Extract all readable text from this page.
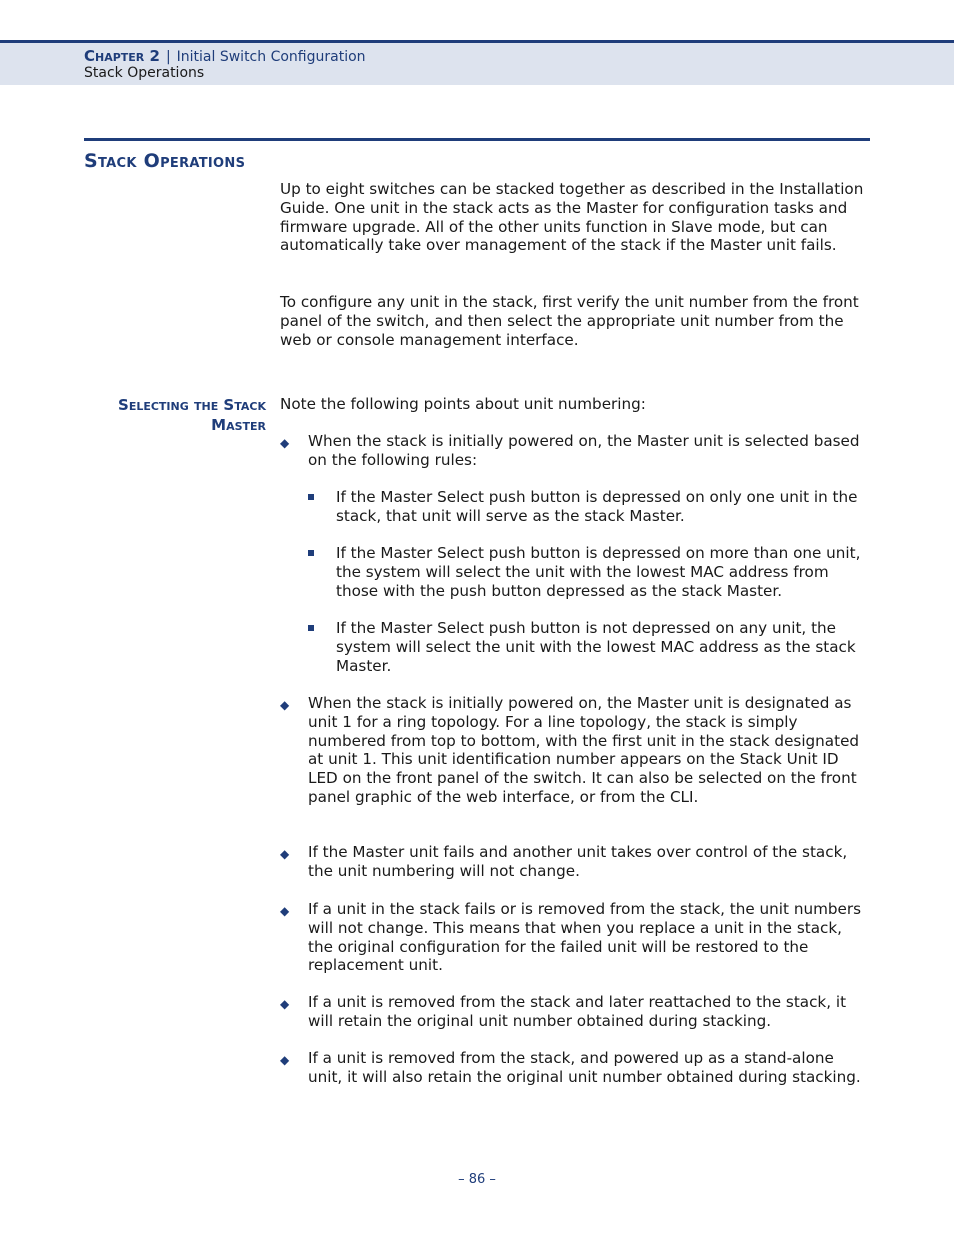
Chapter 2 | Initial Switch Configuration
Stack Operations
Stack Operations

Up to eight switches can be stacked together as described in the Installation Guide. One unit in the stack acts as the Master for configuration tasks and firmware upgrade. All of the other units function in Slave mode, but can automatically take over management of the stack if the Master unit fails.

To configure any unit in the stack, first verify the unit number from the front panel of the switch, and then select the appropriate unit number from the web or console management interface.

Selecting the Stack
Master

Note the following points about unit numbering:

◆	When the stack is initially powered on, the Master unit is selected based on the following rules:
If the Master Select push button is depressed on only one unit in the stack, that unit will serve as the stack Master.
If the Master Select push button is depressed on more than one unit, the system will select the unit with the lowest MAC address from those with the push button depressed as the stack Master.
If the Master Select push button is not depressed on any unit, the system will select the unit with the lowest MAC address as the stack Master.
◆	When the stack is initially powered on, the Master unit is designated as unit 1 for a ring topology. For a line topology, the stack is simply numbered from top to bottom, with the first unit in the stack designated at unit 1. This unit identification number appears on the Stack Unit ID LED on the front panel of the switch. It can also be selected on the front panel graphic of the web interface, or from the CLI.
◆	If the Master unit fails and another unit takes over control of the stack, the unit numbering will not change.
◆	If a unit in the stack fails or is removed from the stack, the unit numbers will not change. This means that when you replace a unit in the stack, the original configuration for the failed unit will be restored to the replacement unit.
◆	If a unit is removed from the stack and later reattached to the stack, it will retain the original unit number obtained during stacking.
◆	If a unit is removed from the stack, and powered up as a stand-alone unit, it will also retain the original unit number obtained during stacking.
– 86 –
